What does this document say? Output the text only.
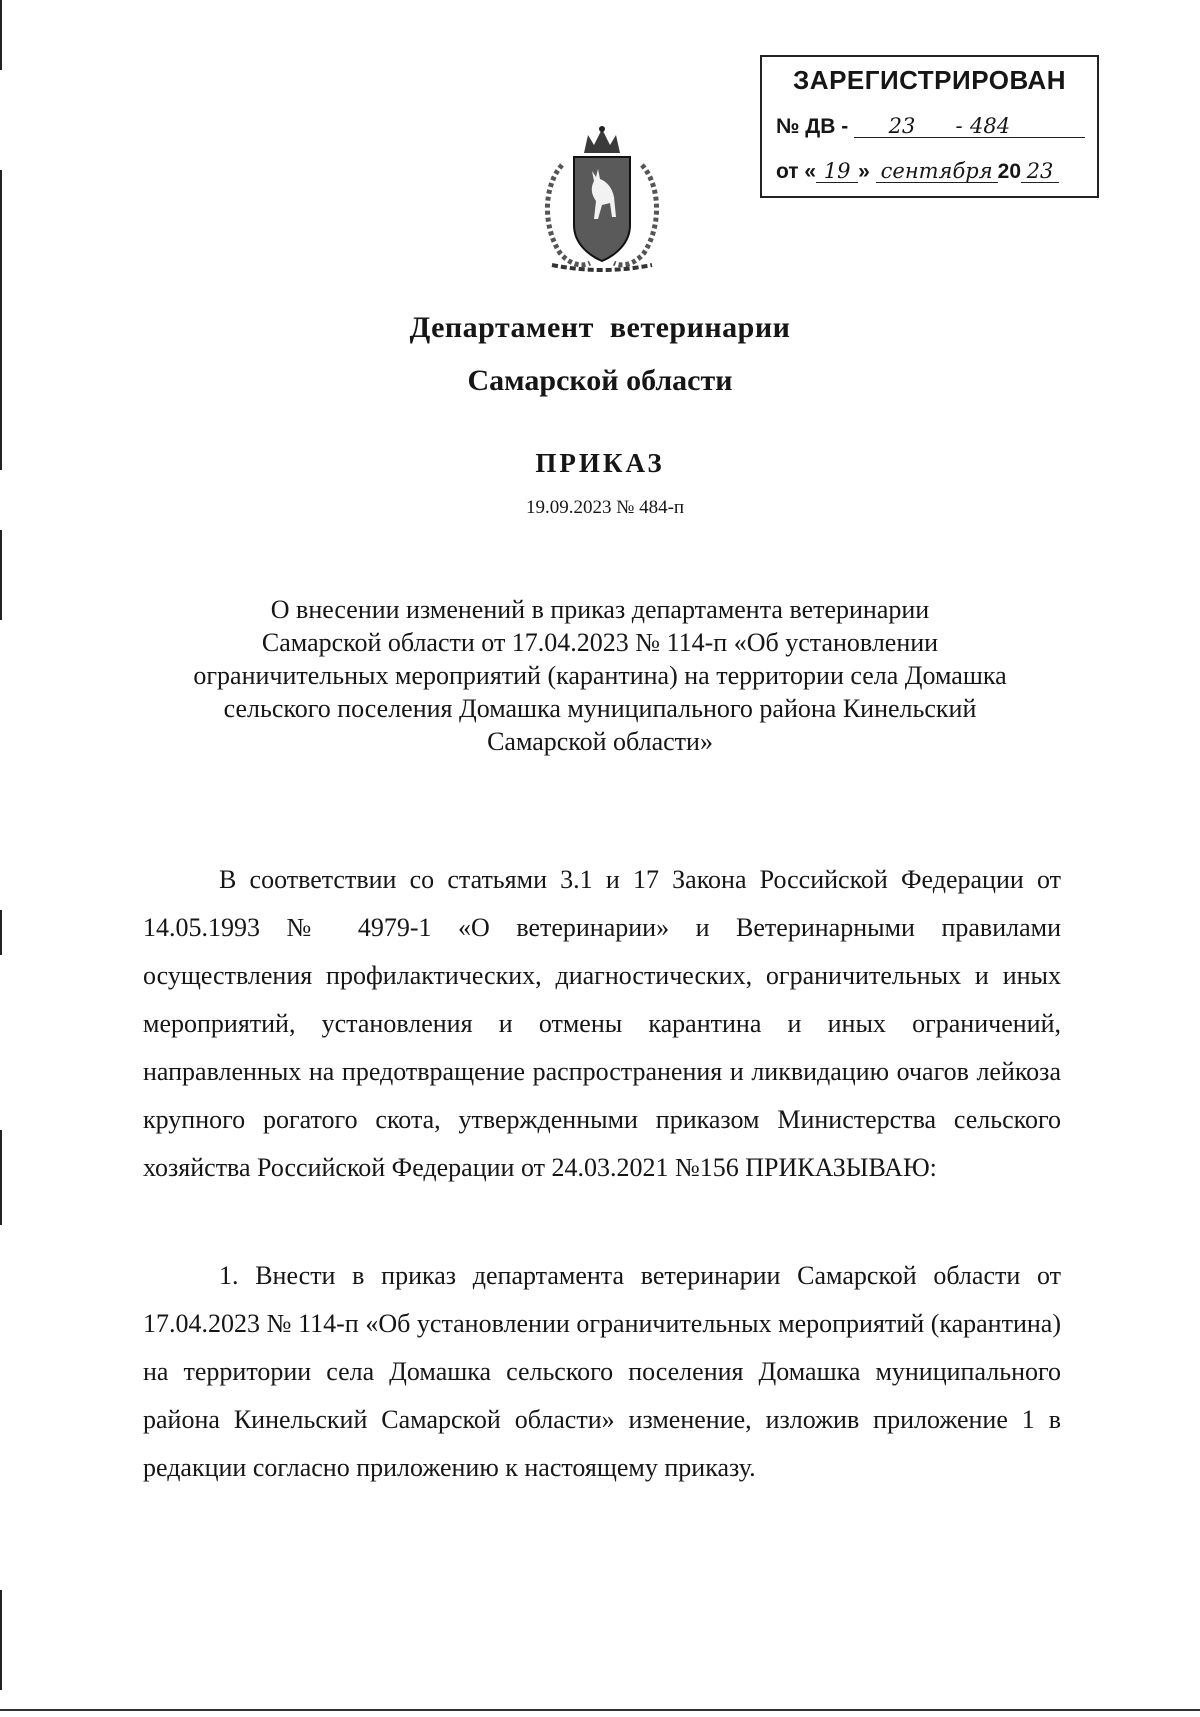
ЗАРЕГИСТРИРОВАН
№ ДВ - 23 - 484
от « 19 » сентября 20 23
Департамент ветеринарии
Самарской области
ПРИКАЗ
19.09.2023 № 484-п
О внесении изменений в приказ департамента ветеринарии
Самарской области от 17.04.2023 № 114-п «Об установлении
ограничительных мероприятий (карантина) на территории села Домашка
сельского поселения Домашка муниципального района Кинельский
Самарской области»

В соответствии со статьями 3.1 и 17 Закона Российской Федерации от 14.05.1993 № 4979-1 «О ветеринарии» и Ветеринарными правилами осуществления профилактических, диагностических, ограничительных и иных мероприятий, установления и отмены карантина и иных ограничений, направленных на предотвращение распространения и ликвидацию очагов лейкоза крупного рогатого скота, утвержденными приказом Министерства сельского хозяйства Российской Федерации от 24.03.2021 №156 ПРИКАЗЫВАЮ:

1. Внести в приказ департамента ветеринарии Самарской области от 17.04.2023 № 114-п «Об установлении ограничительных мероприятий (карантина) на территории села Домашка сельского поселения Домашка муниципального района Кинельский Самарской области» изменение, изложив приложение 1 в редакции согласно приложению к настоящему приказу.
